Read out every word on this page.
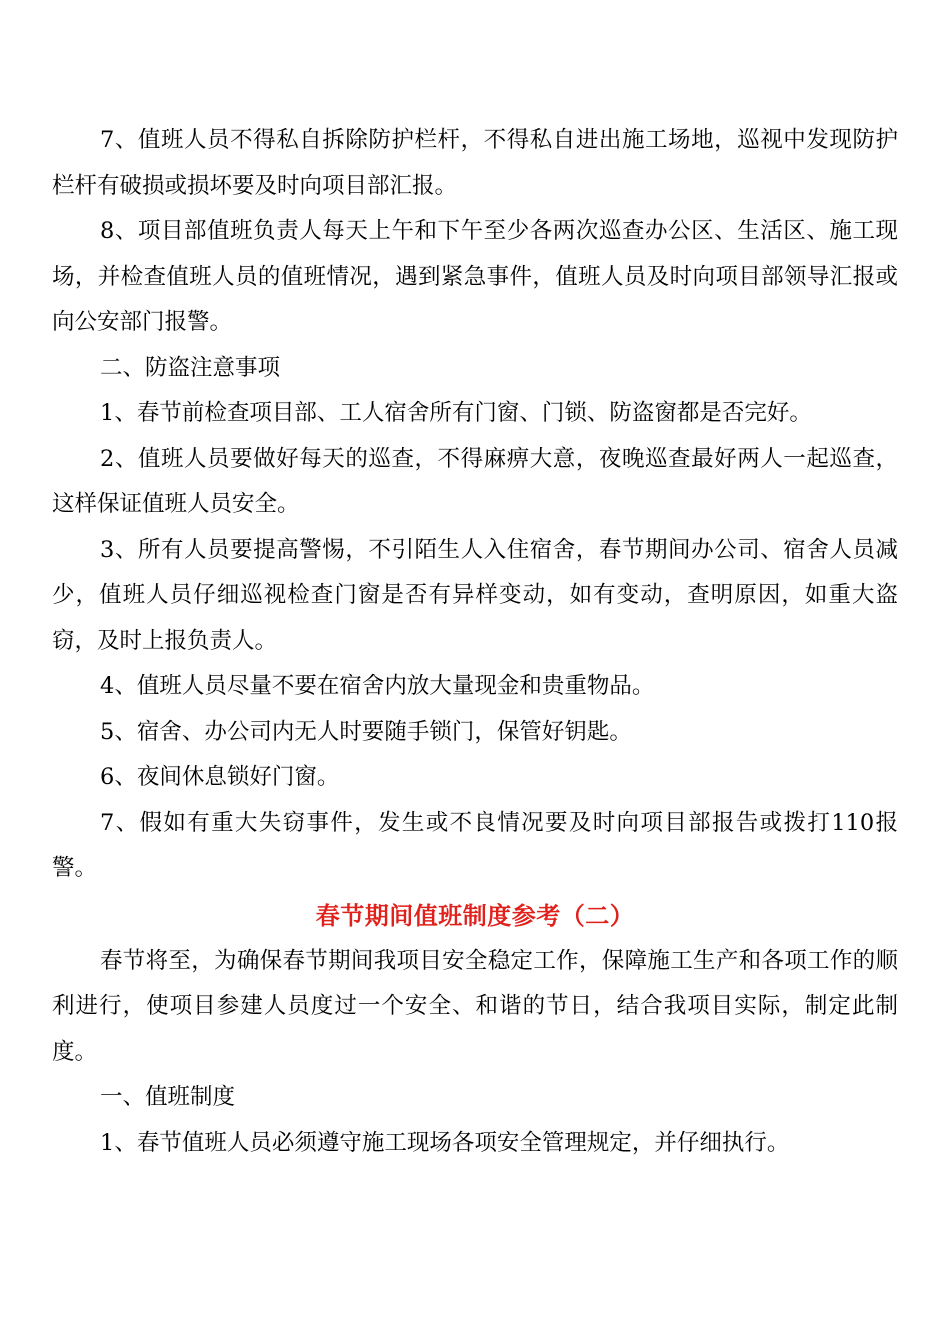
7、值班人员不得私自拆除防护栏杆，不得私自进出施工场地，巡视中发现防护栏杆有破损或损坏要及时向项目部汇报。

8、项目部值班负责人每天上午和下午至少各两次巡查办公区、生活区、施工现场，并检查值班人员的值班情况，遇到紧急事件，值班人员及时向项目部领导汇报或向公安部门报警。

二、防盗注意事项

1、春节前检查项目部、工人宿舍所有门窗、门锁、防盗窗都是否完好。

2、值班人员要做好每天的巡查，不得麻痹大意，夜晚巡查最好两人一起巡查，这样保证值班人员安全。

3、所有人员要提高警惕，不引陌生人入住宿舍，春节期间办公司、宿舍人员减少，值班人员仔细巡视检查门窗是否有异样变动，如有变动，查明原因，如重大盗窃，及时上报负责人。

4、值班人员尽量不要在宿舍内放大量现金和贵重物品。

5、宿舍、办公司内无人时要随手锁门，保管好钥匙。

6、夜间休息锁好门窗。

7、假如有重大失窃事件，发生或不良情况要及时向项目部报告或拨打110报警。

春节期间值班制度参考（二）

春节将至，为确保春节期间我项目安全稳定工作，保障施工生产和各项工作的顺利进行，使项目参建人员度过一个安全、和谐的节日，结合我项目实际，制定此制度。

一、值班制度

1、春节值班人员必须遵守施工现场各项安全管理规定，并仔细执行。
